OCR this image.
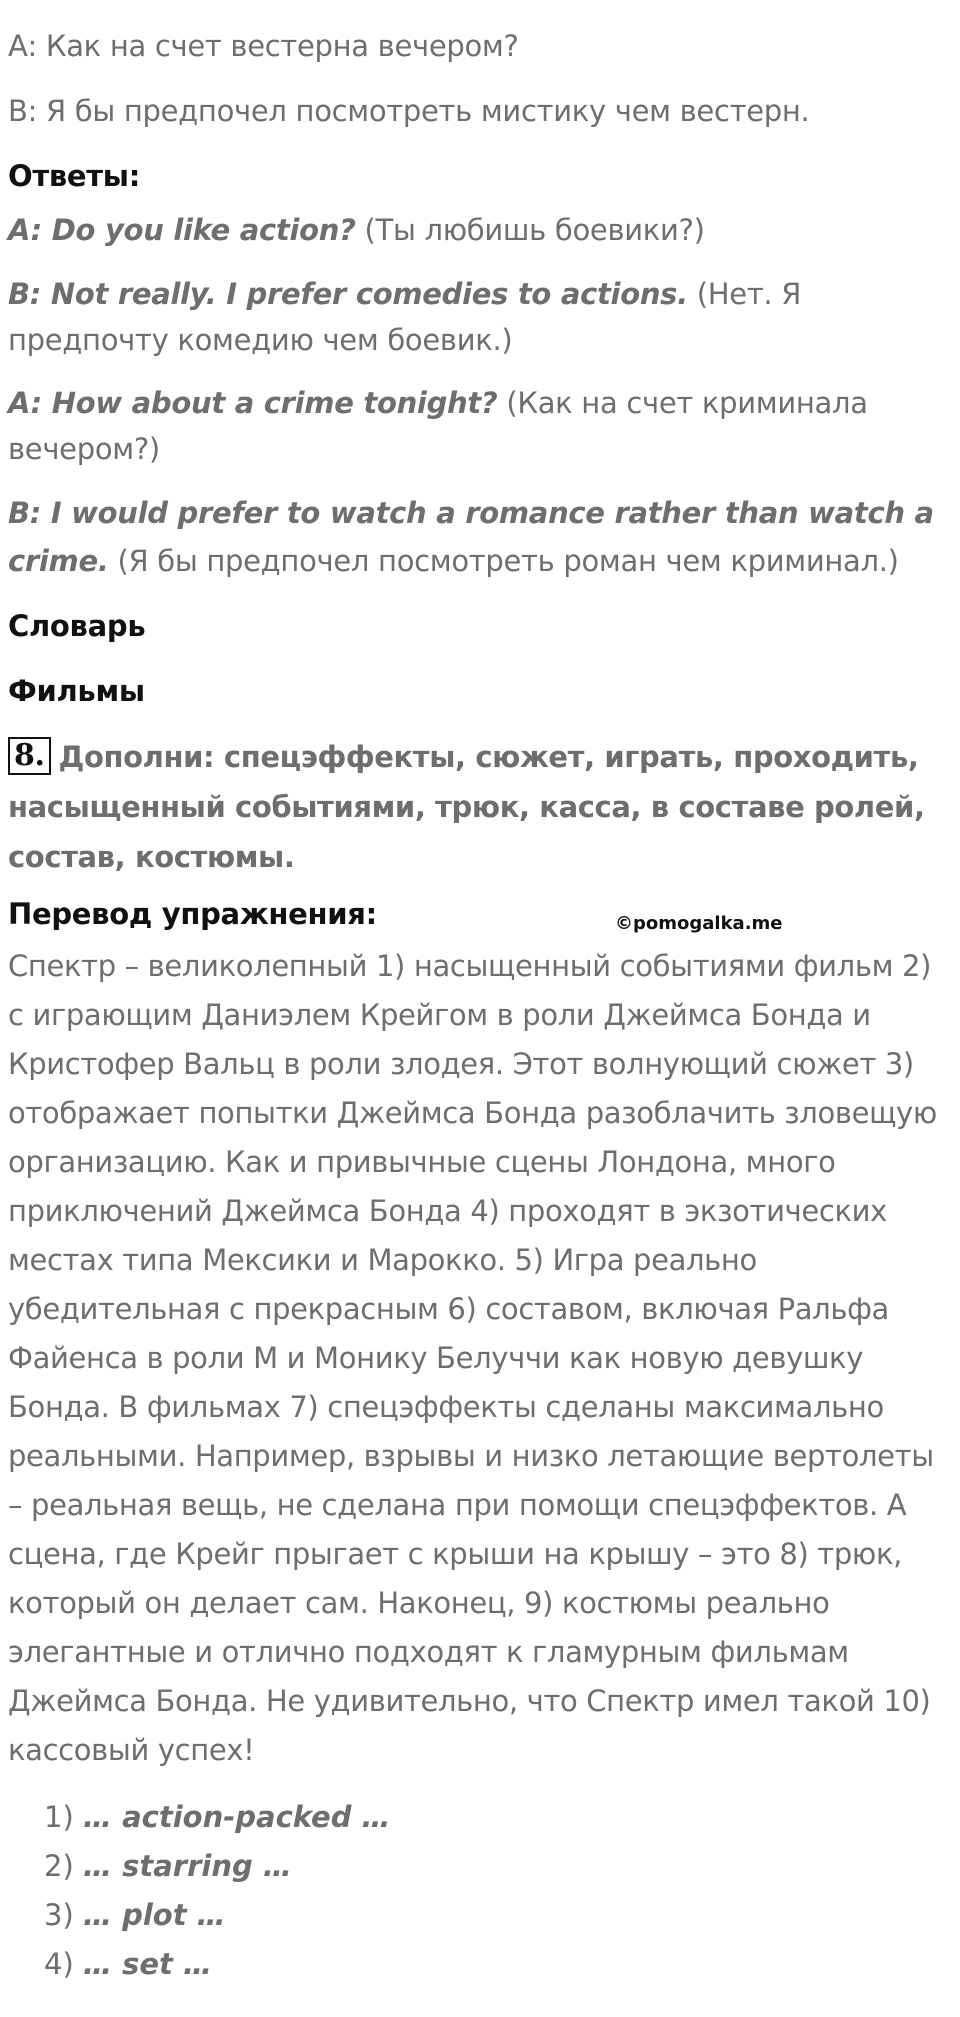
А: Как на счет вестерна вечером?

В: Я бы предпочел посмотреть мистику чем вестерн.

Ответы:

A: Do you like action? (Ты любишь боевики?)

B: Not really. I prefer comedies to actions. (Нет. Я предпочту комедию чем боевик.)

A: How about a crime tonight? (Как на счет криминала вечером?)

B: I would prefer to watch a romance rather than watch a crime. (Я бы предпочел посмотреть роман чем криминал.)

Словарь
Фильмы
8. Дополни: спецэффекты, сюжет, играть, проходить, насыщенный событиями, трюк, касса, в составе ролей, состав, костюмы.
Перевод упражнения:	©pomogalka.me

Спектр – великолепный 1) насыщенный событиями фильм 2) с играющим Даниэлем Крейгом в роли Джеймса Бонда и Кристофер Вальц в роли злодея. Этот волнующий сюжет 3) отображает попытки Джеймса Бонда разоблачить зловещую организацию. Как и привычные сцены Лондона, много приключений Джеймса Бонда 4) проходят в экзотических местах типа Мексики и Марокко. 5) Игра реально убедительная с прекрасным 6) составом, включая Ральфа Файенса в роли М и Монику Белуччи как новую девушку Бонда. В фильмах 7) спецэффекты сделаны максимально реальными. Например, взрывы и низко летающие вертолеты – реальная вещь, не сделана при помощи спецэффектов. А сцена, где Крейг прыгает с крыши на крышу – это 8) трюк, который он делает сам. Наконец, 9) костюмы реально элегантные и отлично подходят к гламурным фильмам Джеймса Бонда. Не удивительно, что Спектр имел такой 10) кассовый успех!

1) … action-packed …
2) … starring …
3) … plot …
4) … set …
